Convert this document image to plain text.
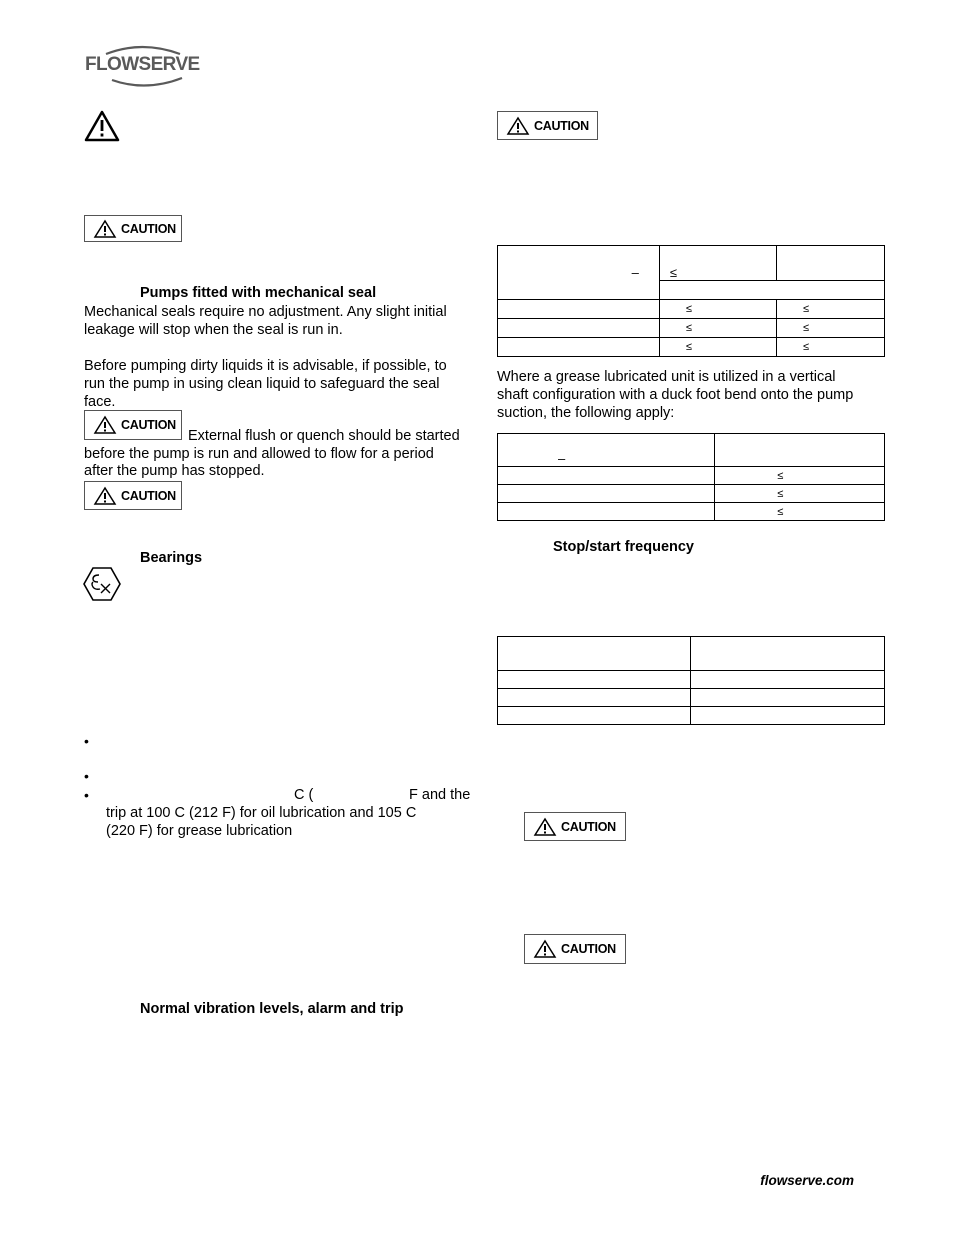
FLOWSERVE
CAUTION
Pumps fitted with mechanical seal
Mechanical seals require no adjustment. Any slight initial
leakage will stop when the seal is run in.
Before pumping dirty liquids it is advisable, if possible, to
run the pump in using clean liquid to safeguard the seal
face.
CAUTION
External flush or quench should be started
before the pump is run and allowed to flow for a period
after the pump has stopped.
CAUTION
Bearings
•
•
•	C (	F and the
trip at 100 C (212 F) for oil lubrication and 105 C
(220 F) for grease lubrication
Normal vibration levels, alarm and trip
CAUTION
–	≤	

	≤	≤
	≤	≤
	≤	≤
Where a grease lubricated unit is utilized in a vertical
shaft configuration with a duck foot bend onto the pump
suction, the following apply:
–	
	≤
	≤
	≤
Stop/start frequency

CAUTION
CAUTION
flowserve.com
